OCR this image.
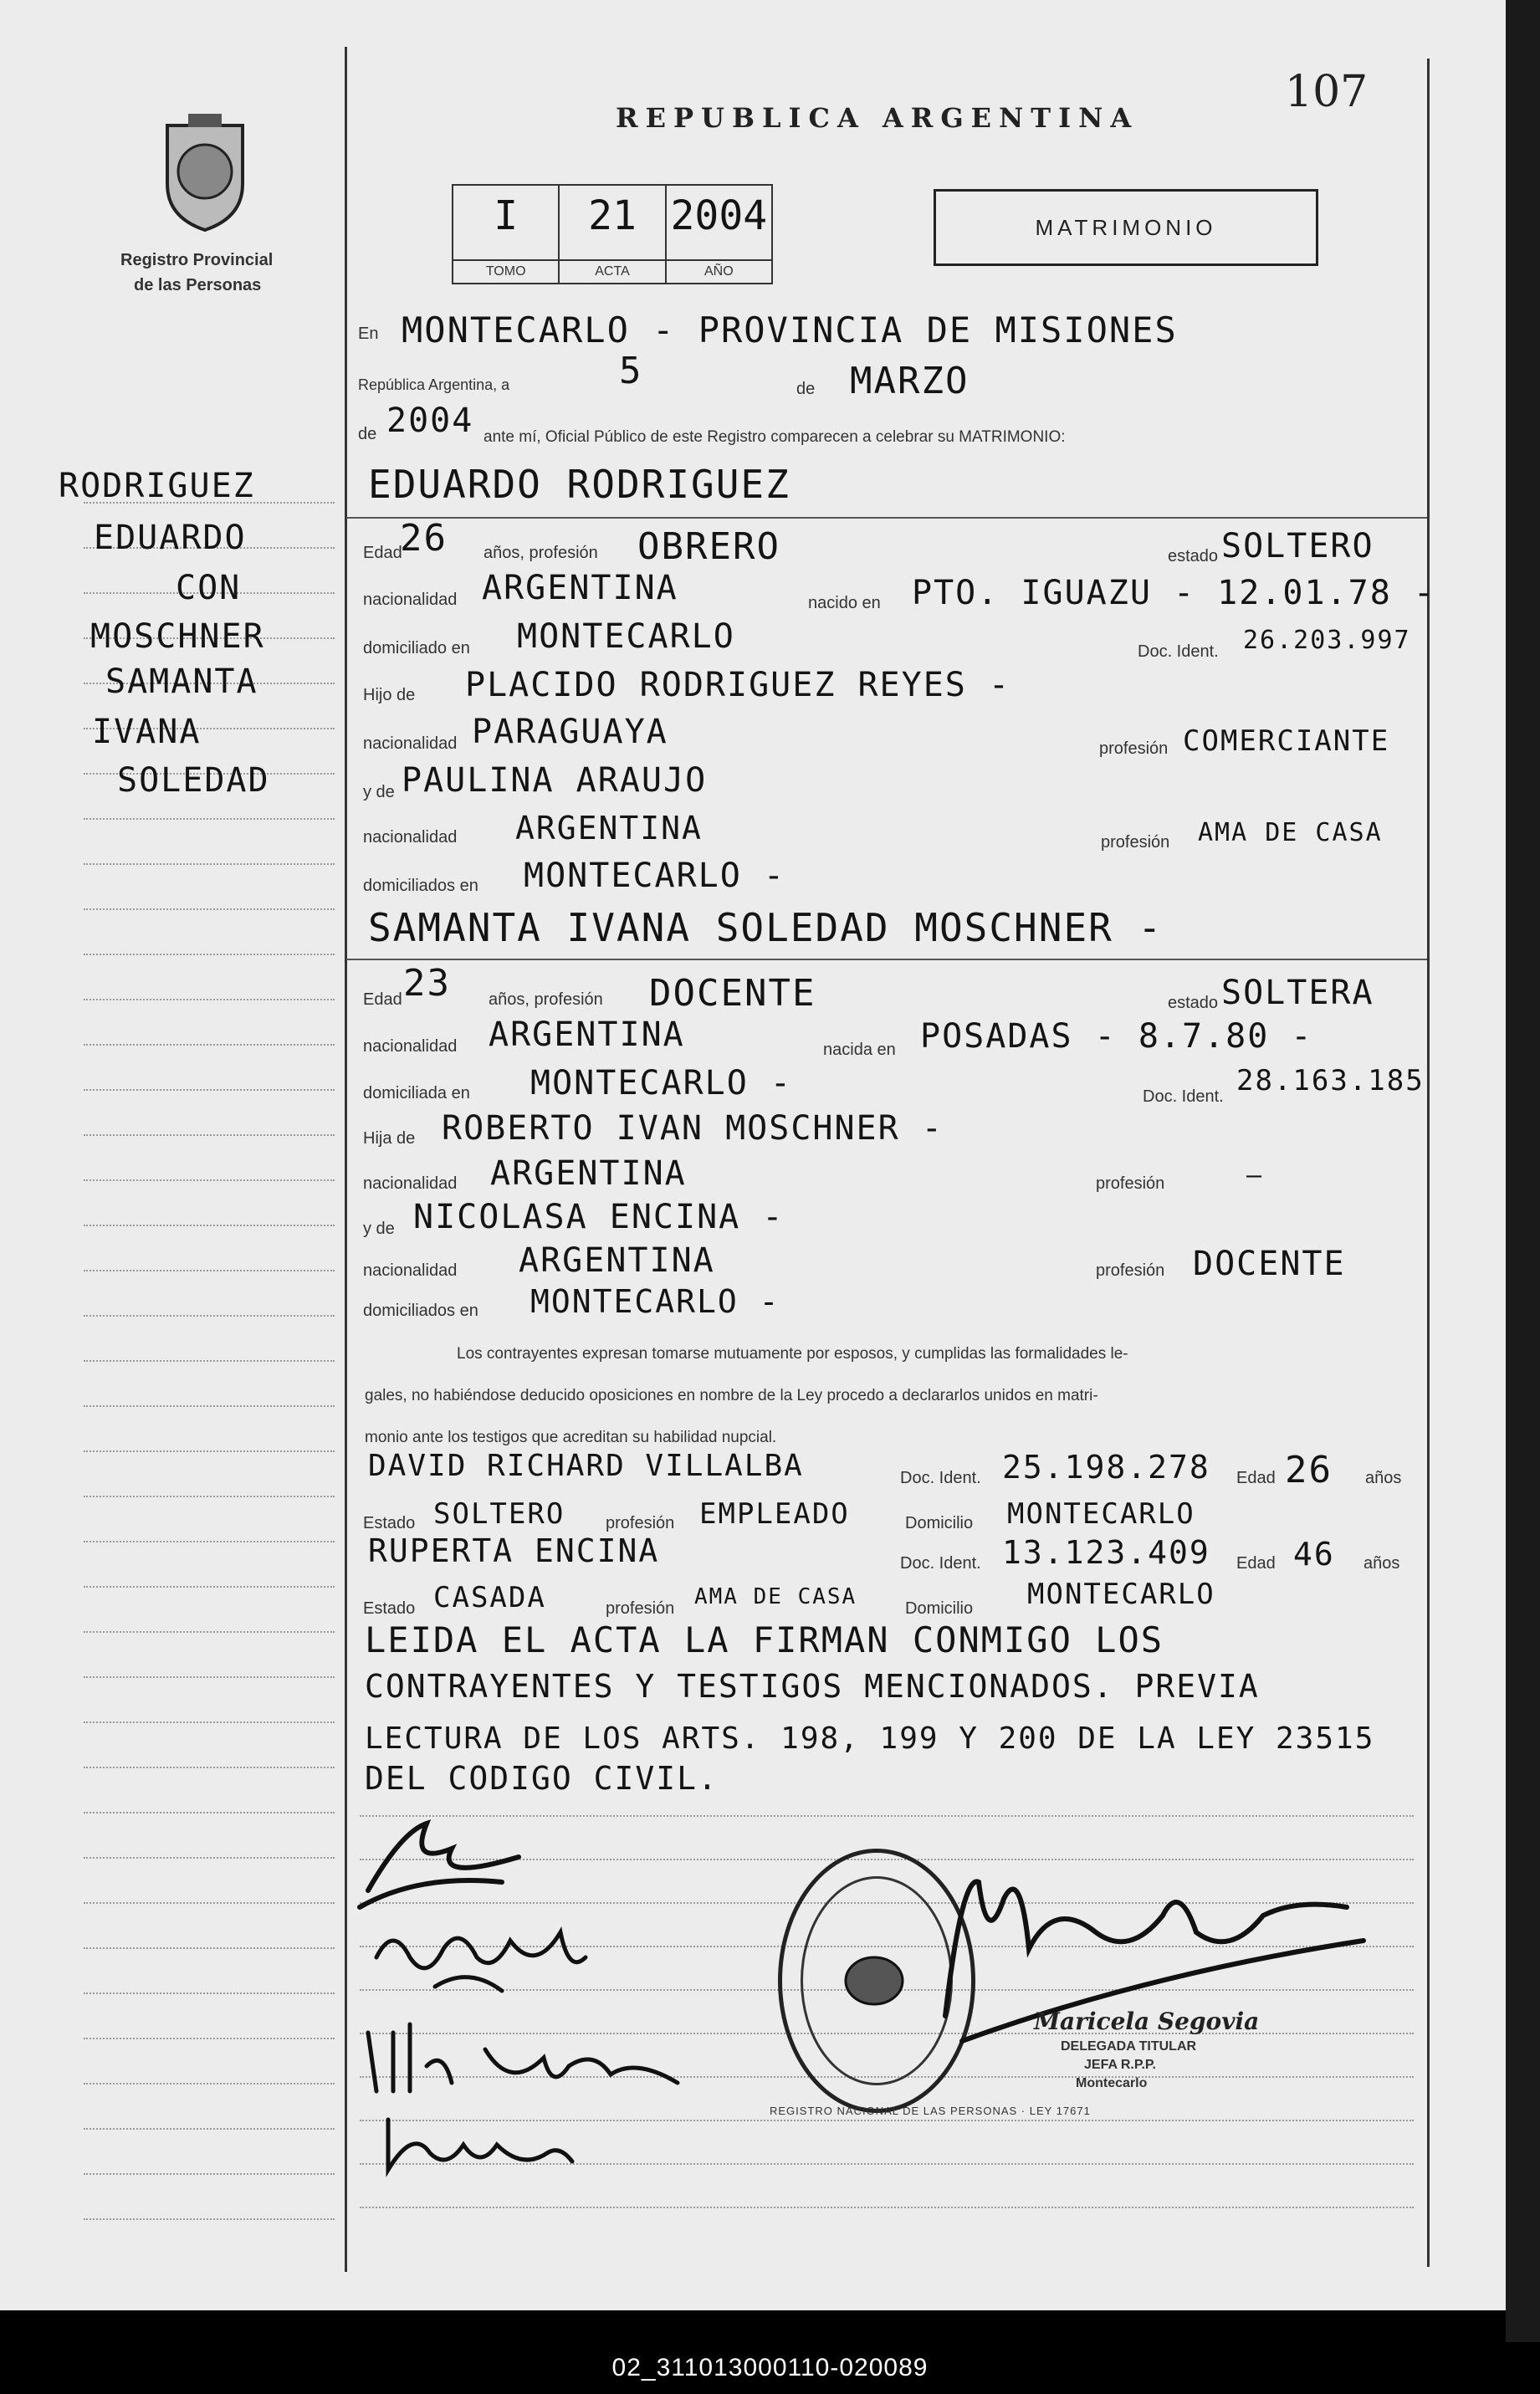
107
REPUBLICA ARGENTINA
Registro Provincial
de las Personas
I
TOMO
21
ACTA
2004
AÑO
MATRIMONIO
RODRIGUEZ
EDUARDO
CON
MOSCHNER
SAMANTA
IVANA
SOLEDAD
En MONTECARLO - PROVINCIA DE MISIONES
República Argentina, a	5	de MARZO
de 2004 ante mí, Oficial Público de este Registro comparecen a celebrar su MATRIMONIO:
EDUARDO RODRIGUEZ
Edad
26 años, profesión OBRERO	estado SOLTERO
nacionalidad ARGENTINA	nacido en PTO. IGUAZU - 12.01.78 -
domiciliado en MONTECARLO	Doc. Ident. 26.203.997
Hijo de PLACIDO RODRIGUEZ REYES -
nacionalidad PARAGUAYA	profesión COMERCIANTE
y de PAULINA ARAUJO
nacionalidad ARGENTINA	profesión AMA DE CASA
domiciliados en MONTECARLO -
SAMANTA IVANA SOLEDAD MOSCHNER -
Edad 23 años, profesión DOCENTE	estado SOLTERA
nacionalidad ARGENTINA	nacida en POSADAS - 8.7.80 -
domiciliada en MONTECARLO -	Doc. Ident. 28.163.185
Hija de ROBERTO IVAN MOSCHNER -
nacionalidad ARGENTINA	profesión	—
y de NICOLASA ENCINA -
nacionalidad ARGENTINA	profesión DOCENTE
domiciliados en MONTECARLO -
Los contrayentes expresan tomarse mutuamente por esposos, y cumplidas las formalidades le-
gales, no habiéndose deducido oposiciones en nombre de la Ley procedo a declararlos unidos en matri-
monio ante los testigos que acreditan su habilidad nupcial.
DAVID RICHARD VILLALBA	Doc. Ident. 25.198.278 Edad 26 años
Estado SOLTERO profesión EMPLEADO	Domicilio MONTECARLO
RUPERTA ENCINA	Doc. Ident. 13.123.409 Edad 46 años
Estado CASADA	profesión AMA DE CASA	Domicilio MONTECARLO
LEIDA EL ACTA LA FIRMAN CONMIGO LOS
CONTRAYENTES Y TESTIGOS MENCIONADOS. PREVIA
LECTURA DE LOS ARTS. 198, 199 Y 200 DE LA LEY 23515
DEL CODIGO CIVIL.
REGISTRO NACIONAL DE LAS PERSONAS · LEY 17671
Maricela Segovia
DELEGADA TITULAR
JEFA R.P.P.
Montecarlo
02_311013000110-020089
